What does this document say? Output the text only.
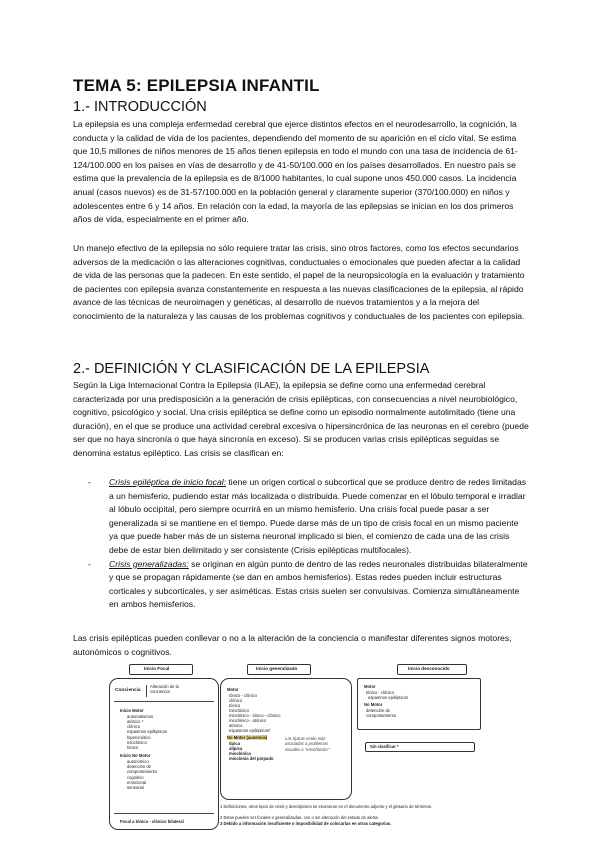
TEMA 5: EPILEPSIA INFANTIL
1.- INTRODUCCIÓN

La epilepsia es una compleja enfermedad cerebral que ejerce distintos efectos en el neurodesarrollo, la cognición, la conducta y la calidad de vida de los pacientes, dependiendo del momento de su aparición en el ciclo vital. Se estima que 10,5 millones de niños menores de 15 años tienen epilepsia en todo el mundo con una tasa de incidencia de 61-124/100.000 en los países en vías de desarrollo y de 41-50/100.000 en los países desarrollados. En nuestro país se estima que la prevalencia de la epilepsia es de 8/1000 habitantes, lo cual supone unos 450.000 casos. La incidencia anual (casos nuevos) es de 31-57/100.000 en la población general y claramente superior (370/100.000) en niños y adolescentes entre 6 y 14 años. En relación con la edad, la mayoría de las epilepsias se inician en los dos primeros años de vida, especialmente en el primer año.

Un manejo efectivo de la epilepsia no sólo requiere tratar las crisis, sino otros factores, como los efectos secundarios adversos de la medicación o las alteraciones cognitivas, conductuales o emocionales que pueden afectar a la calidad de vida de las personas que la padecen. En este sentido, el papel de la neuropsicología en la evaluación y tratamiento de pacientes con epilepsia avanza constantemente en respuesta a las nuevas clasificaciones de la epilepsia, al rápido avance de las técnicas de neuroimagen y genéticas, al desarrollo de nuevos tratamientos y a la mejora del conocimiento de la naturaleza y las causas de los problemas cognitivos y conductuales de los pacientes con epilepsia.

2.- DEFINICIÓN Y CLASIFICACIÓN DE LA EPILEPSIA

Según la Liga Internacional Contra la Epilepsia (ILAE), la epilepsia se define como una enfermedad cerebral caracterizada por una predisposición a la generación de crisis epilépticas, con consecuencias a nivel neurobiológico, cognitivo, psicológico y social. Una crisis epiléptica se define como un episodio normalmente autolimitado (tiene una duración), en el que se produce una actividad cerebral excesiva o hipersincrónica de las neuronas en el cerebro (puede ser que no haya sincronía o que haya sincronía en exceso). Si se producen varias crisis epilépticas seguidas se denomina estatus epiléptico. Las crisis se clasifican en:

- Crisis epiléptica de inicio focal: tiene un origen cortical o subcortical que se produce dentro de redes limitadas a un hemisferio, pudiendo estar más localizada o distribuida. Puede comenzar en el lóbulo temporal e irradiar al lóbulo occipital, pero siempre ocurrirá en un mismo hemisferio. Una crisis focal puede pasar a ser generalizada si se mantiene en el tiempo. Puede darse más de un tipo de crisis focal en un mismo paciente ya que puede haber más de un sistema neuronal implicado si bien, el comienzo de cada una de las crisis debe de estar bien delimitado y ser consistente (Crisis epilépticas multifocales).
- Crisis generalizadas: se originan en algún punto de dentro de las redes neuronales distribuidas bilateralmente y que se propagan rápidamente (se dan en ambos hemisferios). Estas redes pueden incluir estructuras corticales y subcorticales, y ser asiméticas. Estas crisis suelen ser convulsivas. Comienza simultáneamente en ambos hemisferios.

Las crisis epilépticas pueden conllevar o no a la alteración de la conciencia o manifestar diferentes signos motores, autonómicos o cognitivos.

Inicio Focal	Inicio generalizado	Inicio desconocido
Conciencia
Alteración de la conciencia
Inicio Motor
automatismos
atónico *
clónico
espasmos epilépticos
hipercinético
mioclónico
tónico
Inicio No Motor
autonómico
detención de comportamiento
cognitivo
emocional
sensorial
Focal a tónico - clónico bilateral
Motor
tónico - clónico
clónico
tónico
mioclónico
mioclónico - tónico - clónico
mioclónico - atónico
atónico
espasmos epilépticos*
No Motor (ausencia)
típica
atípica
mioclónica
mioclonía del párpado
Las típicas están más asociadas a problemas visuales o "ensoñación"
Motor
tónico - clónico
espasmos epilépticos
No Motor
detención de comportamiento
Sin clasificar *
1 Definiciones, otros tipos de crisis y descriptores se enumeran en el documento adjunto y el glosario de términos.
2 Estas pueden ser focales o generalizadas, con o sin alteración del estado de alerta.
3 Debido a información insuficiente o imposibilidad de colocarlas en otras categorías.
